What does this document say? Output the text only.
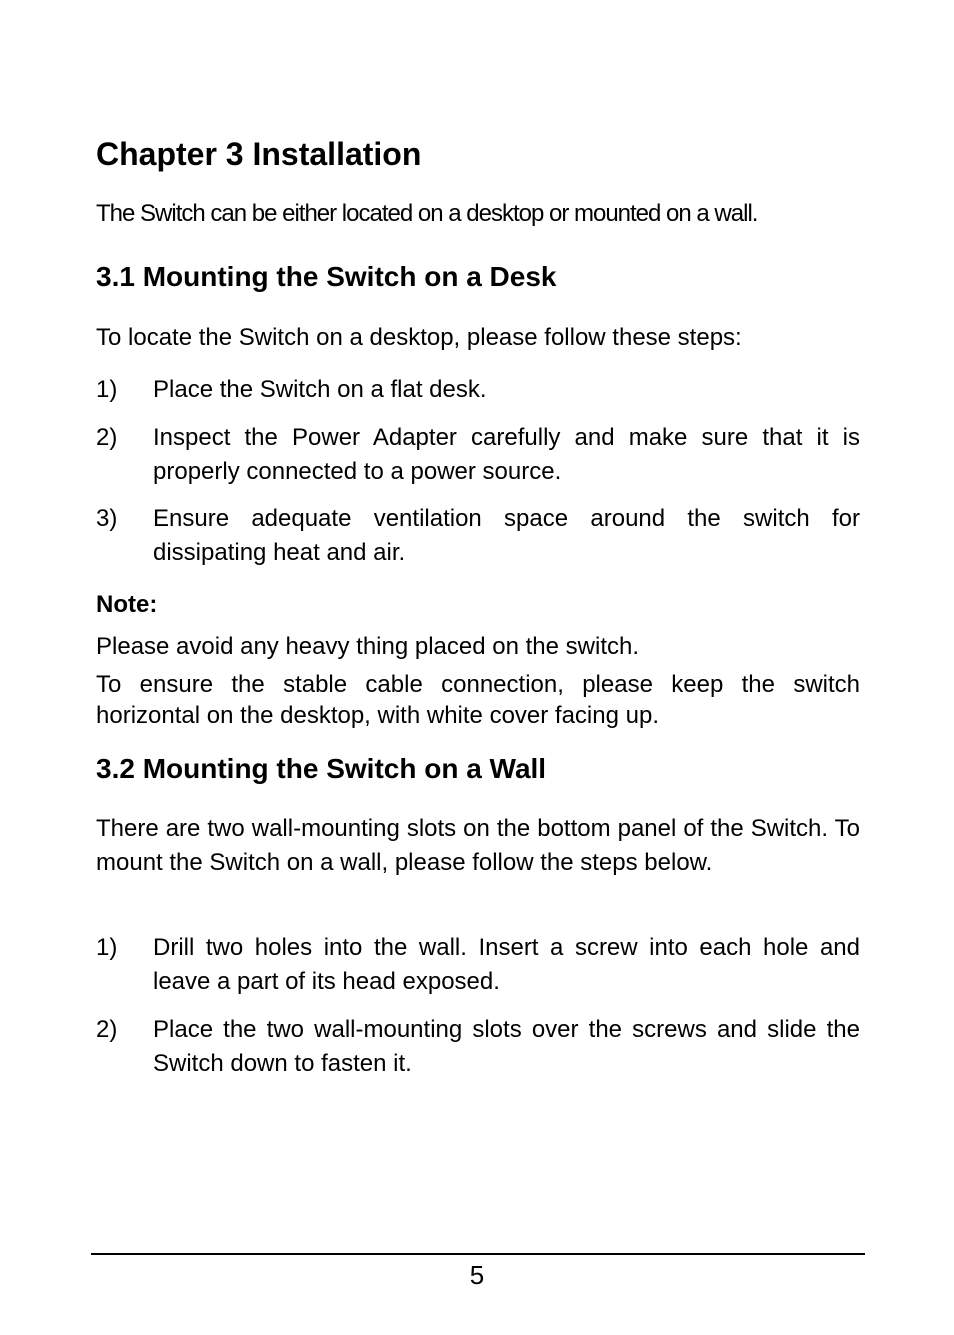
Chapter 3 Installation

The Switch can be either located on a desktop or mounted on a wall.

3.1 Mounting the Switch on a Desk

To locate the Switch on a desktop, please follow these steps:

1) Place the Switch on a flat desk.

2) Inspect the Power Adapter carefully and make sure that it is properly connected to a power source.

3) Ensure adequate ventilation space around the switch for dissipating heat and air.

Note:

Please avoid any heavy thing placed on the switch.

To ensure the stable cable connection, please keep the switch horizontal on the desktop, with white cover facing up.

3.2 Mounting the Switch on a Wall

There are two wall-mounting slots on the bottom panel of the Switch. To mount the Switch on a wall, please follow the steps below.

1) Drill two holes into the wall. Insert a screw into each hole and leave a part of its head exposed.

2) Place the two wall-mounting slots over the screws and slide the Switch down to fasten it.

5
